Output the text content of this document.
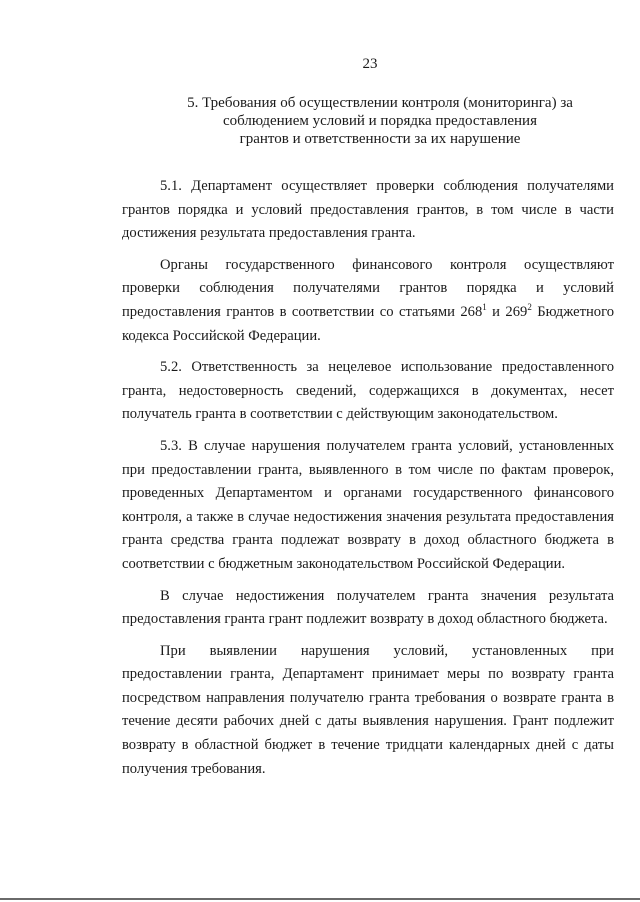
23
5. Требования об осуществлении контроля (мониторинга) за
соблюдением условий и порядка предоставления
грантов и ответственности за их нарушение

5.1. Департамент осуществляет проверки соблюдения получателями грантов порядка и условий предоставления грантов, в том числе в части достижения результата предоставления гранта.

Органы государственного финансового контроля осуществляют проверки соблюдения получателями грантов порядка и условий предоставления грантов в соответствии со статьями $268^1$ и $269^2$ Бюджетного кодекса Российской Федерации.

5.2. Ответственность за нецелевое использование предоставленного гранта, недостоверность сведений, содержащихся в документах, несет получатель гранта в соответствии с действующим законодательством.

5.3. В случае нарушения получателем гранта условий, установленных при предоставлении гранта, выявленного в том числе по фактам проверок, проведенных Департаментом и органами государственного финансового контроля, а также в случае недостижения значения результата предоставления гранта средства гранта подлежат возврату в доход областного бюджета в соответствии с бюджетным законодательством Российской Федерации.

В случае недостижения получателем гранта значения результата предоставления гранта грант подлежит возврату в доход областного бюджета.

При выявлении нарушения условий, установленных при предоставлении гранта, Департамент принимает меры по возврату гранта посредством направления получателю гранта требования о возврате гранта в течение десяти рабочих дней с даты выявления нарушения. Грант подлежит возврату в областной бюджет в течение тридцати календарных дней с даты получения требования.
